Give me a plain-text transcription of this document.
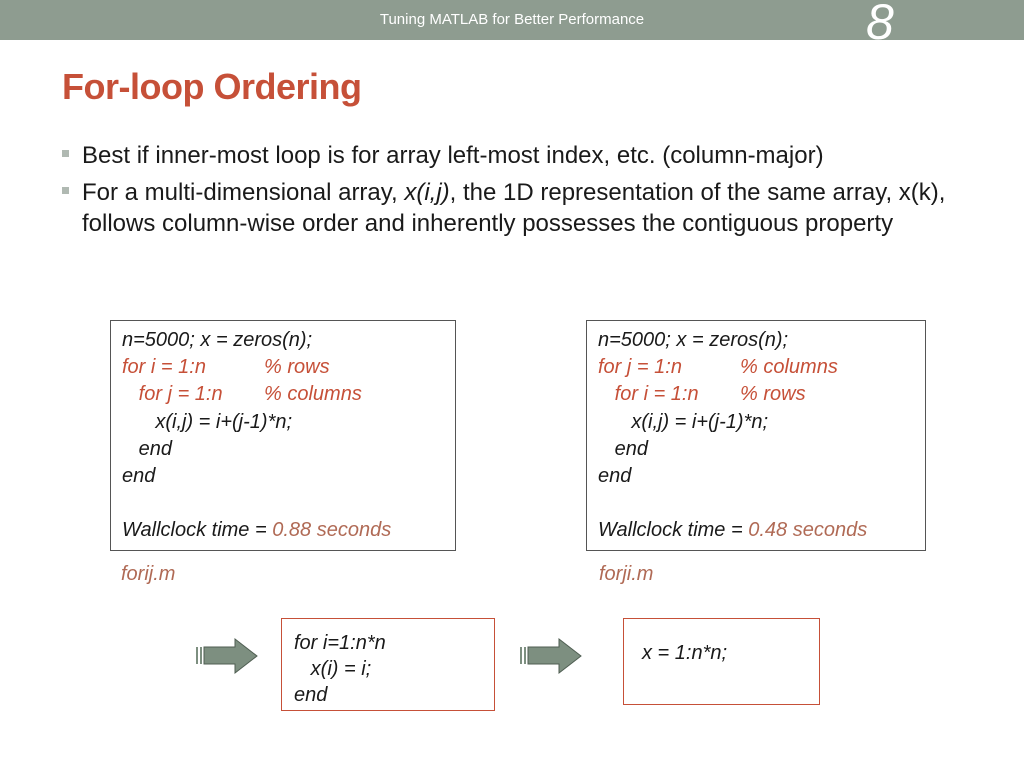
Tuning MATLAB for Better Performance	8
For-loop Ordering
Best if inner-most loop is for array left-most index, etc. (column-major)
For a multi-dimensional array, x(i,j), the 1D representation of the same array, x(k), follows column-wise order and inherently possesses the contiguous property
n=5000; x = zeros(n);
for i = 1:n	% rows
for j = 1:n % columns
x(i,j) = i+(j-1)*n;
end
end
Wallclock time = 0.88 seconds
forij.m
n=5000; x = zeros(n);
for j = 1:n	% columns
for i = 1:n % rows
x(i,j) = i+(j-1)*n;
end
end
Wallclock time = 0.48 seconds
forji.m
for i=1:n*n
x(i) = i;
end
x = 1:n*n;
